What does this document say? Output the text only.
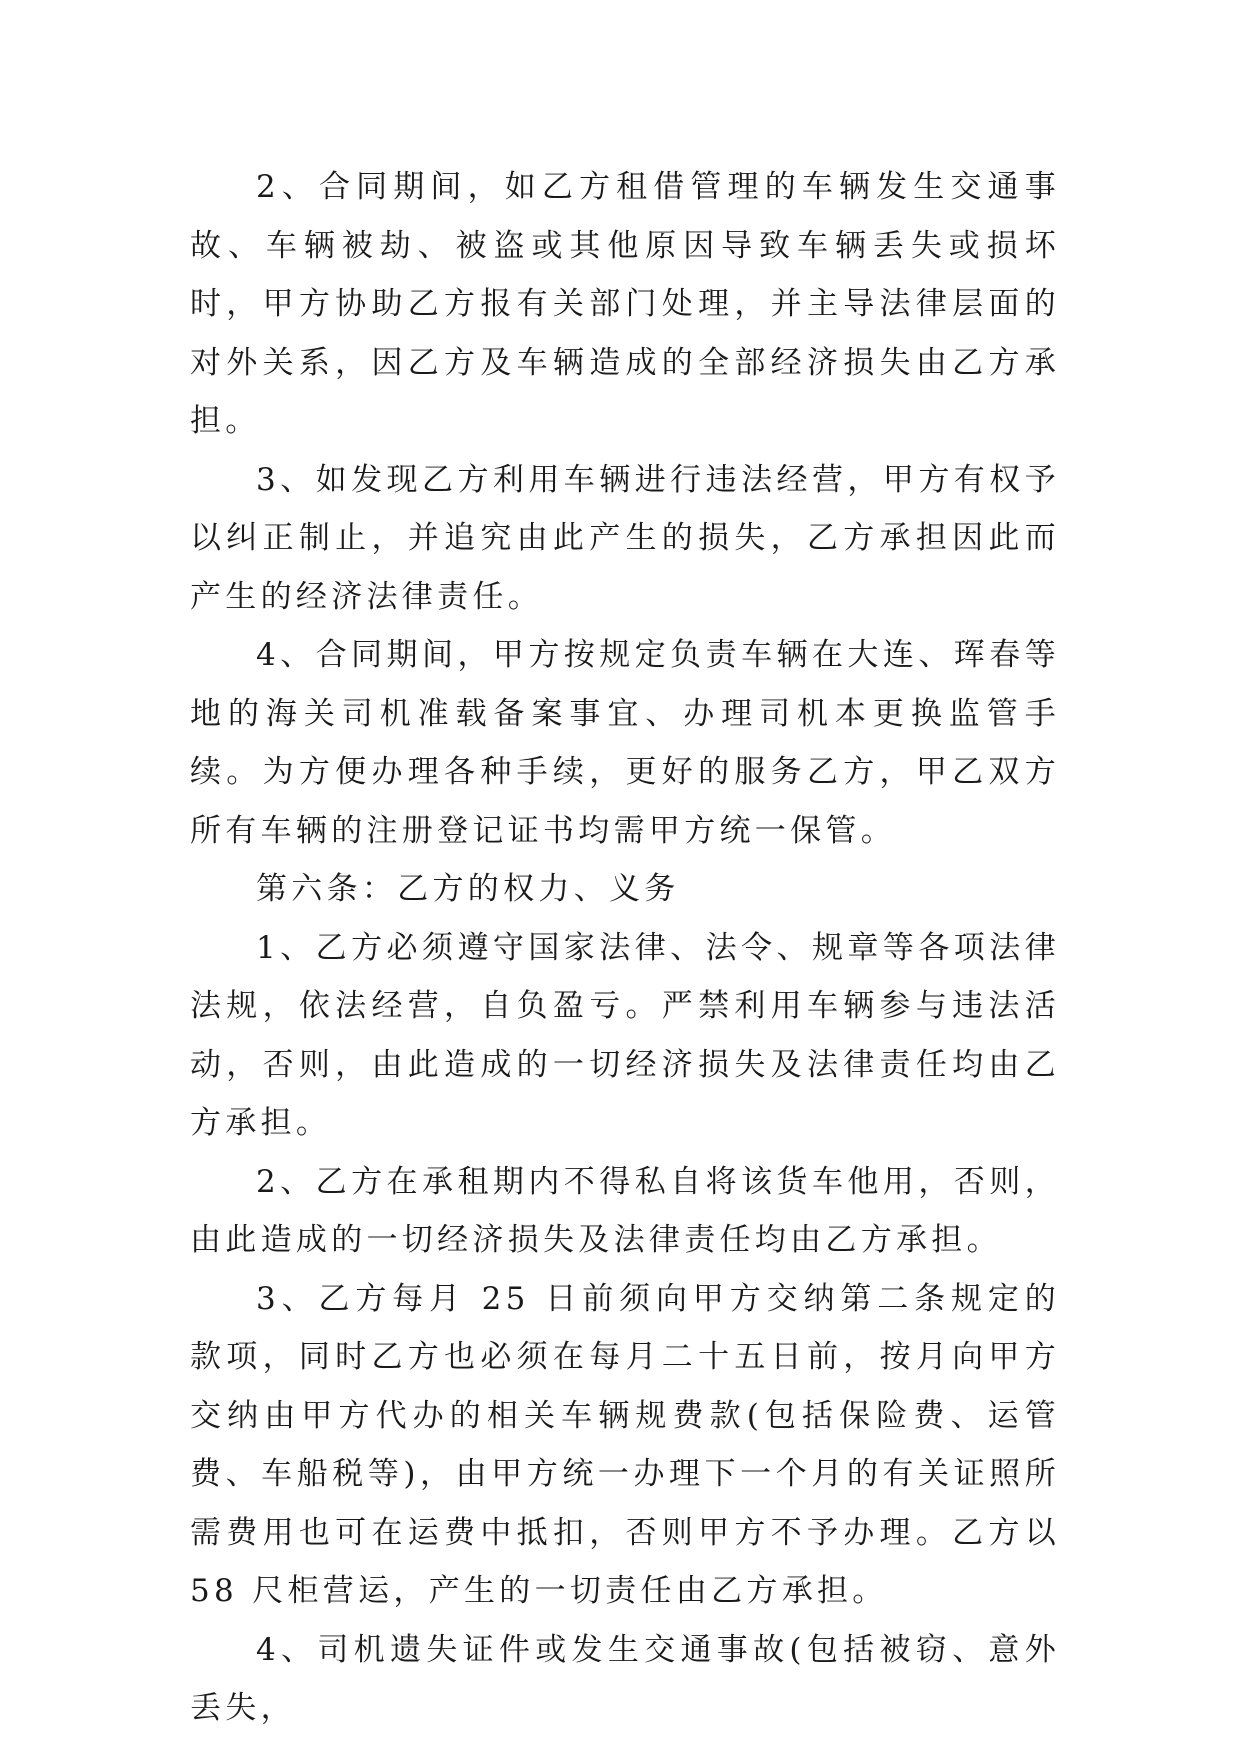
2、合同期间，如乙方租借管理的车辆发生交通事故、车辆被劫、被盗或其他原因导致车辆丢失或损坏时，甲方协助乙方报有关部门处理，并主导法律层面的对外关系，因乙方及车辆造成的全部经济损失由乙方承担。

3、如发现乙方利用车辆进行违法经营，甲方有权予以纠正制止，并追究由此产生的损失，乙方承担因此而产生的经济法律责任。

4、合同期间，甲方按规定负责车辆在大连、珲春等地的海关司机准载备案事宜、办理司机本更换监管手续。为方便办理各种手续，更好的服务乙方，甲乙双方所有车辆的注册登记证书均需甲方统一保管。

第六条：乙方的权力、义务

1、乙方必须遵守国家法律、法令、规章等各项法律法规，依法经营，自负盈亏。严禁利用车辆参与违法活动，否则，由此造成的一切经济损失及法律责任均由乙方承担。

2、乙方在承租期内不得私自将该货车他用，否则，由此造成的一切经济损失及法律责任均由乙方承担。

3、乙方每月 25 日前须向甲方交纳第二条规定的款项，同时乙方也必须在每月二十五日前，按月向甲方交纳由甲方代办的相关车辆规费款(包括保险费、运管费、车船税等)，由甲方统一办理下一个月的有关证照所需费用也可在运费中抵扣，否则甲方不予办理。乙方以 58 尺柜营运，产生的一切责任由乙方承担。

4、司机遗失证件或发生交通事故(包括被窃、意外丢失，
